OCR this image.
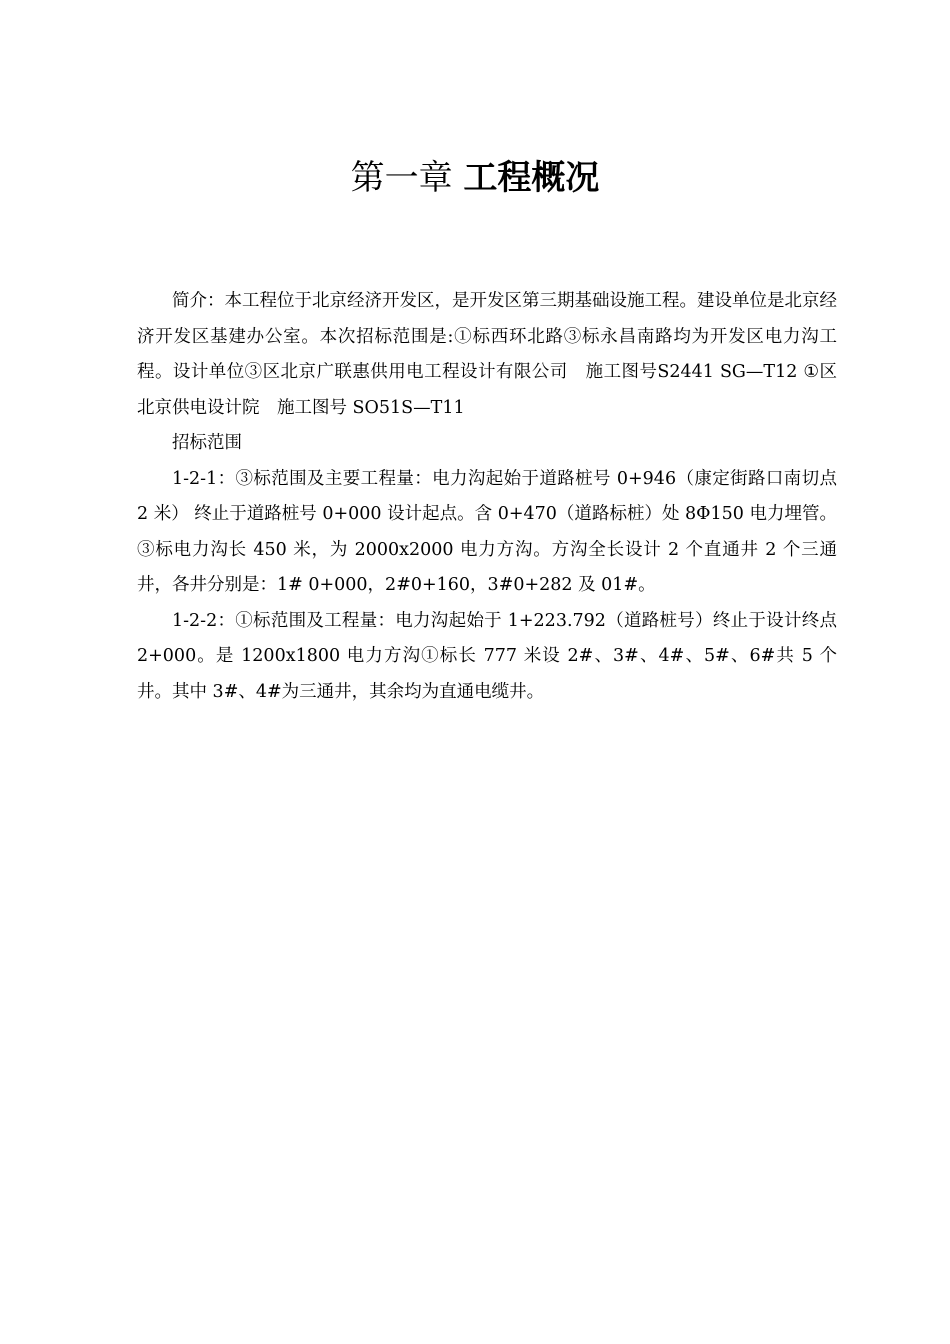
第一章 工程概况

简介：本工程位于北京经济开发区，是开发区第三期基础设施工程。建设单位是北京经济开发区基建办公室。本次招标范围是:①标西环北路③标永昌南路均为开发区电力沟工程。设计单位③区北京广联惠供用电工程设计有限公司　施工图号S2441 SG—T12 ①区北京供电设计院　施工图号 SO51S—T11

招标范围

1-2-1：③标范围及主要工程量：电力沟起始于道路桩号 0+946（康定街路口南切点 2 米） 终止于道路桩号 0+000 设计起点。含 0+470（道路标桩）处 8Φ150 电力埋管。③标电力沟长 450 米，为 2000x2000 电力方沟。方沟全长设计 2 个直通井 2 个三通井，各井分别是：1# 0+000，2#0+160，3#0+282 及 01#。

1-2-2：①标范围及工程量：电力沟起始于 1+223.792（道路桩号）终止于设计终点 2+000。是 1200x1800 电力方沟①标长 777 米设 2#、3#、4#、5#、6#共 5 个井。其中 3#、4#为三通井，其余均为直通电缆井。
